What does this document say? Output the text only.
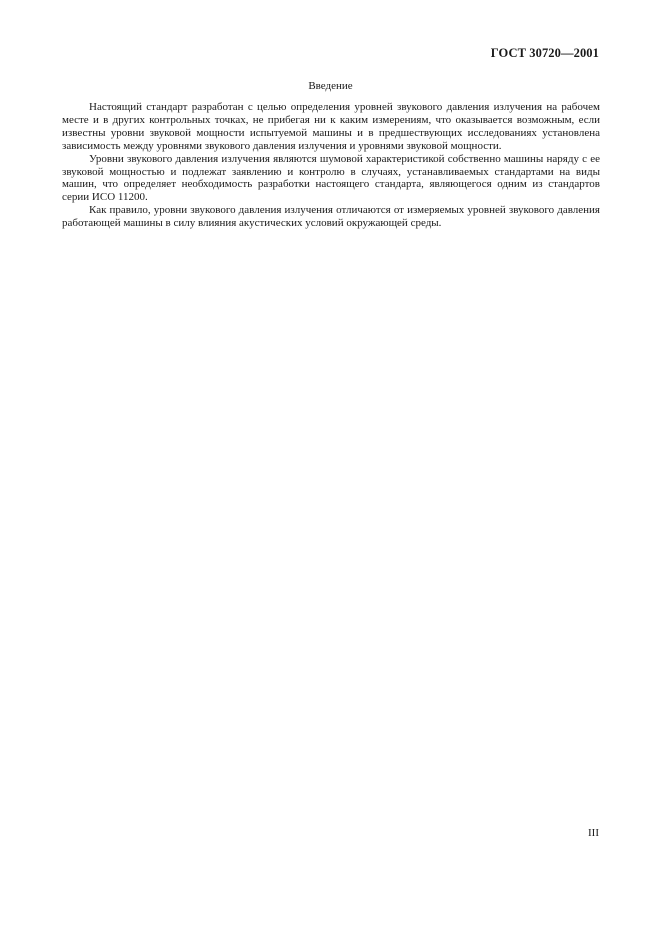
ГОСТ 30720—2001
Введение

Настоящий стандарт разработан с целью определения уровней звукового давления излучения на рабочем месте и в других контрольных точках, не прибегая ни к каким измерениям, что оказывается возможным, если известны уровни звуковой мощности испытуемой машины и в предшествующих исследованиях установлена зависимость между уровнями звукового давления излучения и уровнями звуковой мощности.

Уровни звукового давления излучения являются шумовой характеристикой собственно машины наряду с ее звуковой мощностью и подлежат заявлению и контролю в случаях, устанавливаемых стандартами на виды машин, что определяет необходимость разработки настоящего стандарта, являющегося одним из стандартов серии ИСО 11200.

Как правило, уровни звукового давления излучения отличаются от измеряемых уровней звукового давления работающей машины в силу влияния акустических условий окружающей среды.

III
